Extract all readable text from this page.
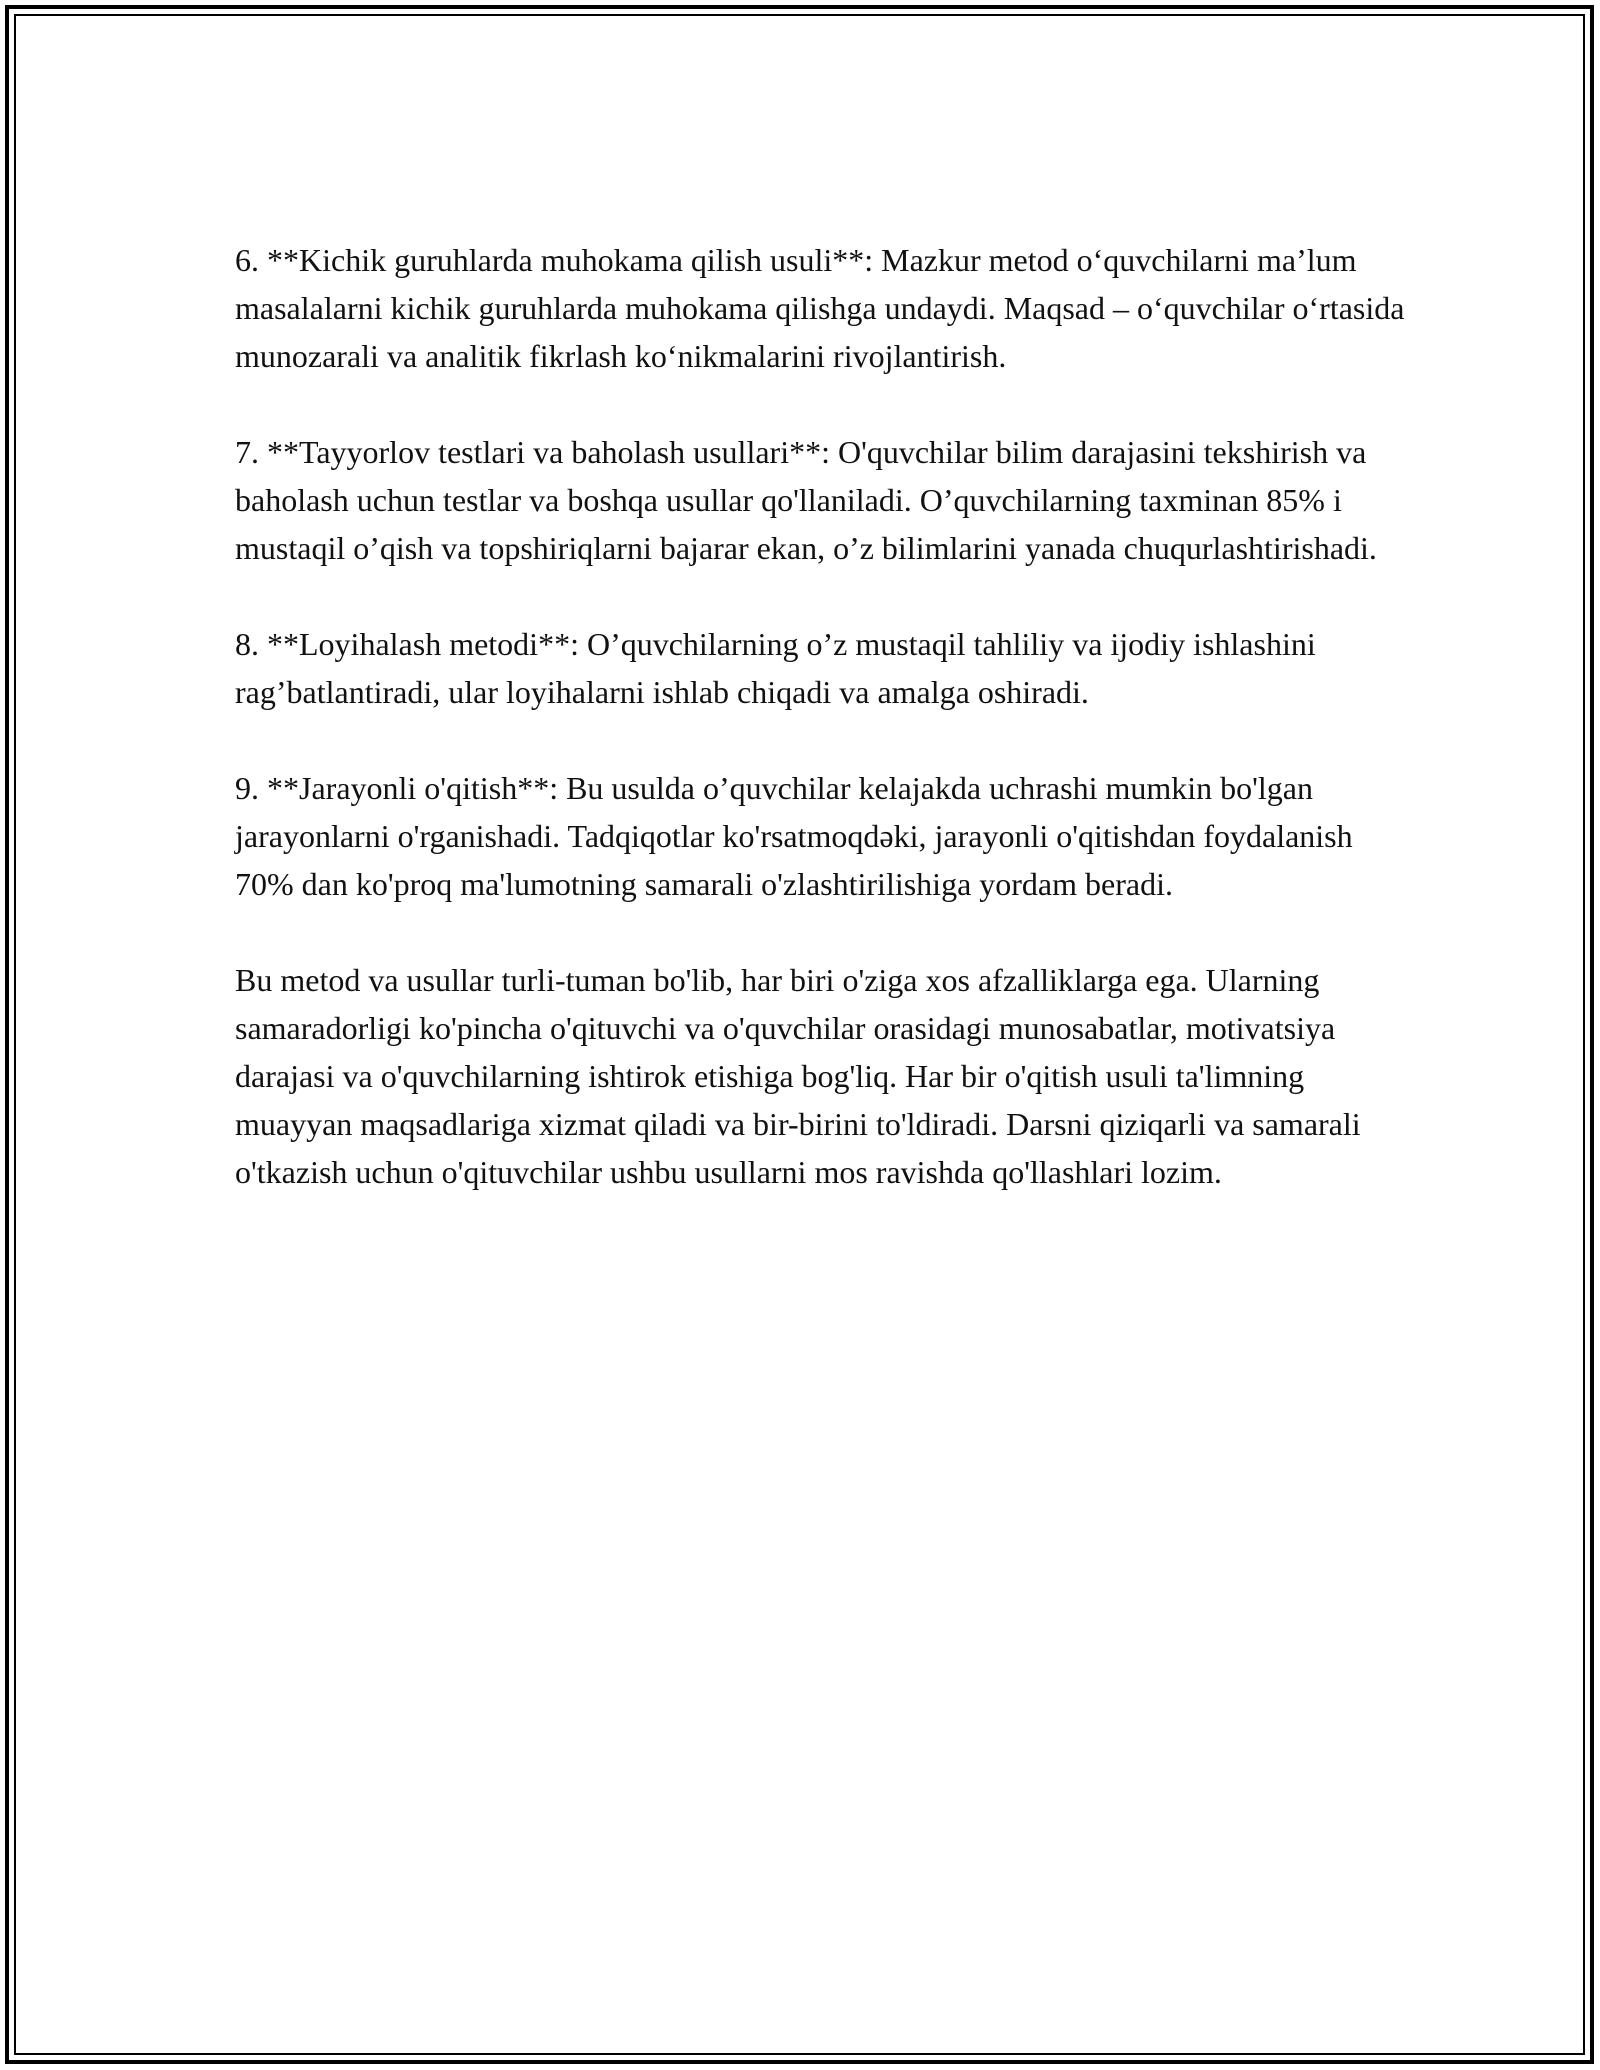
6. **Kichik guruhlarda muhokama qilish usuli**: Mazkur metod o‘quvchilarni ma’lum masalalarni kichik guruhlarda muhokama qilishga undaydi. Maqsad – o‘quvchilar o‘rtasida munozarali va analitik fikrlash ko‘nikmalarini rivojlantirish.

7. **Tayyorlov testlari va baholash usullari**: O'quvchilar bilim darajasini tekshirish va baholash uchun testlar va boshqa usullar qo'llaniladi. O’quvchilarning taxminan 85% i mustaqil o’qish va topshiriqlarni bajarar ekan, o’z bilimlarini yanada chuqurlashtirishadi.

8. **Loyihalash metodi**: O’quvchilarning o’z mustaqil tahliliy va ijodiy ishlashini rag’batlantiradi, ular loyihalarni ishlab chiqadi va amalga oshiradi.

9. **Jarayonli o'qitish**: Bu usulda o’quvchilar kelajakda uchrashi mumkin bo'lgan jarayonlarni o'rganishadi. Tadqiqotlar ko'rsatmoqdəki, jarayonli o'qitishdan foydalanish 70% dan ko'proq ma'lumotning samarali o'zlashtirilishiga yordam beradi.

Bu metod va usullar turli-tuman bo'lib, har biri o'ziga xos afzalliklarga ega. Ularning samaradorligi ko'pincha o'qituvchi va o'quvchilar orasidagi munosabatlar, motivatsiya darajasi va o'quvchilarning ishtirok etishiga bog'liq. Har bir o'qitish usuli ta'limning muayyan maqsadlariga xizmat qiladi va bir-birini to'ldiradi. Darsni qiziqarli va samarali o'tkazish uchun o'qituvchilar ushbu usullarni mos ravishda qo'llashlari lozim.
